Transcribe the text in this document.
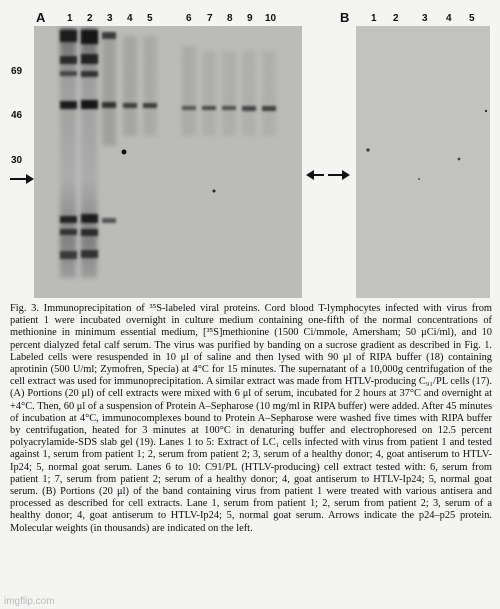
A 1 2 3 4 5	6 7 8 9 10	B 1 2 3 4 5
69
46
30

Fig. 3. Immunoprecipitation of ³⁵S-labeled viral proteins. Cord blood T-lymphocytes infected with virus from patient 1 were incubated overnight in culture medium containing one-fifth of the normal concentrations of methionine in minimum essential medium, [³⁵S]methionine (1500 Ci/mmole, Amersham; 50 μCi/ml), and 10 percent dialyzed fetal calf serum. The virus was purified by banding on a sucrose gradient as described in Fig. 1. Labeled cells were resuspended in 10 μl of saline and then lysed with 90 μl of RIPA buffer (18) containing aprotinin (500 U/ml; Zymofren, Specia) at 4°C for 15 minutes. The supernatant of a 10,000g centrifugation of the cell extract was used for immunoprecipitation. A similar extract was made from HTLV-producing C₉₁/PL cells (17). (A) Portions (20 μl) of cell extracts were mixed with 6 μl of serum, incubated for 2 hours at 37°C and overnight at +4°C. Then, 60 μl of a suspension of Protein A–Sepharose (10 mg/ml in RIPA buffer) were added. After 45 minutes of incubation at 4°C, immunocomplexes bound to Protein A–Sepharose were washed five times with RIPA buffer by centrifugation, heated for 3 minutes at 100°C in denaturing buffer and electrophoresed on 12.5 percent polyacrylamide-SDS slab gel (19). Lanes 1 to 5: Extract of LC₁ cells infected with virus from patient 1 and tested against 1, serum from patient 1; 2, serum from patient 2; 3, serum of a healthy donor; 4, goat antiserum to HTLV-Ip24; 5, normal goat serum. Lanes 6 to 10: C91/PL (HTLV-producing) cell extract tested with: 6, serum from patient 1; 7, serum from patient 2; serum of a healthy donor; 4, goat antiserum to HTLV-Ip24; 5, normal goat serum. (B) Portions (20 μl) of the band containing virus from patient 1 were treated with various antisera and processed as described for cell extracts. Lane 1, serum from patient 1; 2, serum from patient 2; 3, serum of a healthy donor; 4, goat antiserum to HTLV-Ip24; 5, normal goat serum. Arrows indicate the p24–p25 protein. Molecular weights (in thousands) are indicated on the left.

imgflip.com
